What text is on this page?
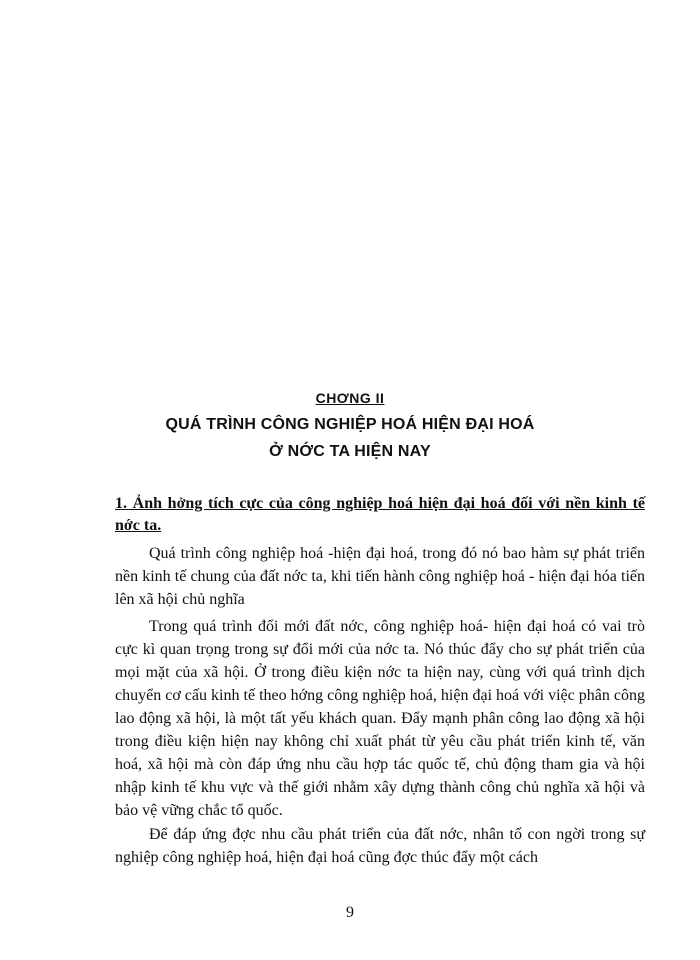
CHƠNG II
QUÁ TRÌNH CÔNG NGHIỆP HOÁ HIỆN ĐẠI HOÁ
Ở NỚC TA HIỆN NAY
1. Ảnh hởng tích cực của công nghiệp hoá hiện đại hoá đối với nền kinh tế nớc ta.

Quá trình công nghiệp hoá -hiện đại hoá, trong đó nó bao hàm sự phát triển nền kinh tế chung của đất nớc ta, khi tiến hành công nghiệp hoá - hiện đại hóa tiến lên xã hội chủ nghĩa

Trong quá trình đổi mới đất nớc, công nghiệp hoá- hiện đại hoá có vai trò cực kì quan trọng trong sự đổi mới của nớc ta. Nó thúc đẩy cho sự phát triển của mọi mặt của xã hội. Ở trong điều kiện nớc ta hiện nay, cùng với quá trình dịch chuyển cơ cấu kinh tế theo hớng công nghiệp hoá, hiện đại hoá với việc phân công lao động xã hội, là một tất yếu khách quan. Đẩy mạnh phân công lao động xã hội trong điều kiện hiện nay không chỉ xuất phát từ yêu cầu phát triển kinh tế, văn hoá, xã hội mà còn đáp ứng nhu cầu hợp tác quốc tế, chủ động tham gia và hội nhập kinh tế khu vực và thế giới nhằm xây dựng thành công chủ nghĩa xã hội và bảo vệ vững chắc tổ quốc.

Để đáp ứng đợc nhu cầu phát triển của đất nớc, nhân tố con ngời trong sự nghiệp công nghiệp hoá, hiện đại hoá cũng đợc thúc đẩy một cách

9
